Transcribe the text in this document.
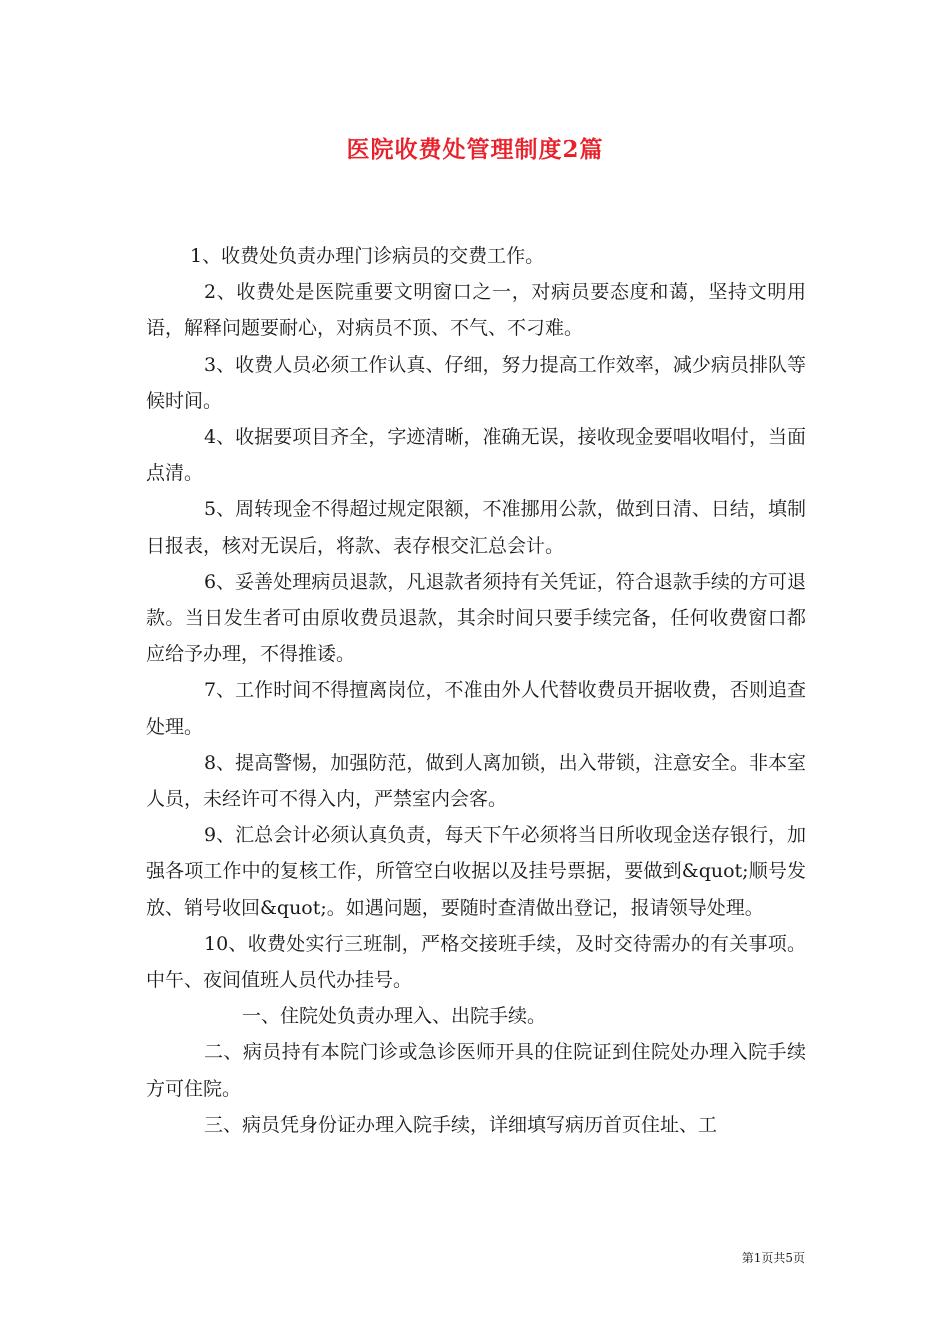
医院收费处管理制度2篇

1、收费处负责办理门诊病员的交费工作。

2、收费处是医院重要文明窗口之一，对病员要态度和蔼，坚持文明用语，解释问题要耐心，对病员不顶、不气、不刁难。

3、收费人员必须工作认真、仔细，努力提高工作效率，减少病员排队等候时间。

4、收据要项目齐全，字迹清晰，准确无误，接收现金要唱收唱付，当面点清。

5、周转现金不得超过规定限额，不准挪用公款，做到日清、日结，填制日报表，核对无误后，将款、表存根交汇总会计。

6、妥善处理病员退款，凡退款者须持有关凭证，符合退款手续的方可退款。当日发生者可由原收费员退款，其余时间只要手续完备，任何收费窗口都应给予办理，不得推诿。

7、工作时间不得擅离岗位，不准由外人代替收费员开据收费，否则追查处理。

8、提高警惕，加强防范，做到人离加锁，出入带锁，注意安全。非本室人员，未经许可不得入内，严禁室内会客。

9、汇总会计必须认真负责，每天下午必须将当日所收现金送存银行，加强各项工作中的复核工作，所管空白收据以及挂号票据，要做到&quot;顺号发放、销号收回&quot;。如遇问题，要随时查清做出登记，报请领导处理。

10、收费处实行三班制，严格交接班手续，及时交待需办的有关事项。中午、夜间值班人员代办挂号。

一、住院处负责办理入、出院手续。

二、病员持有本院门诊或急诊医师开具的住院证到住院处办理入院手续方可住院。

三、病员凭身份证办理入院手续，详细填写病历首页住址、工

第1页共5页
